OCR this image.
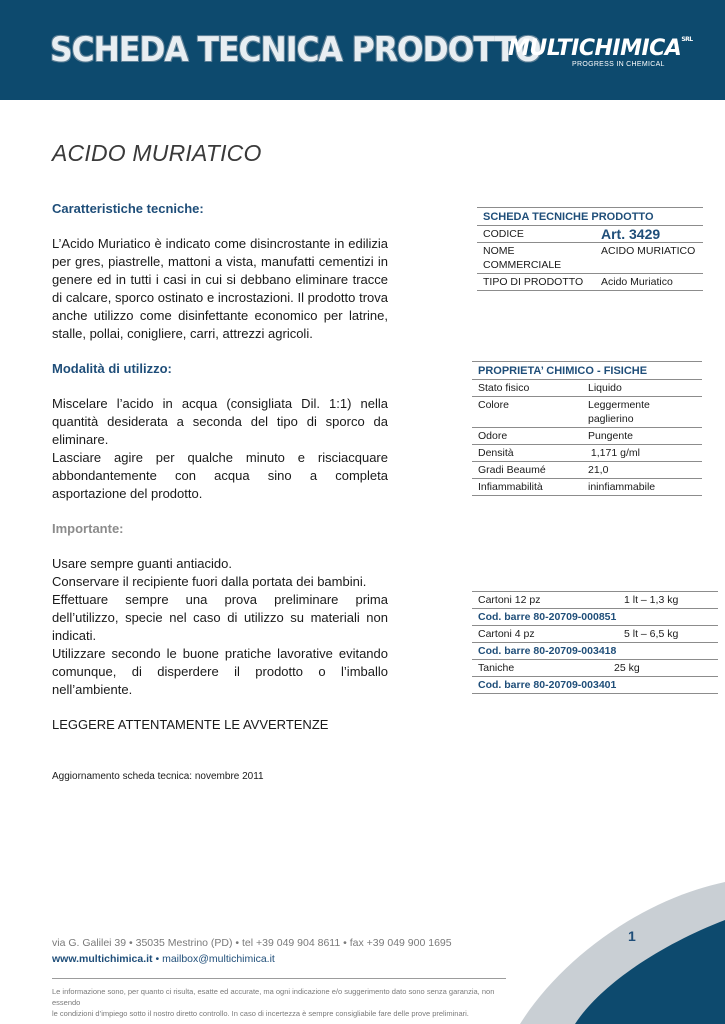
SCHEDA TECNICA PRODOTTO
$MULTICHIMICA^{SRL}$
PROGRESS IN CHEMICAL
ACIDO MURIATICO
Caratteristiche tecniche:
L’Acido Muriatico è indicato come disincrostante in edilizia per gres, piastrelle, mattoni a vista, manufatti cementizi in genere ed in tutti i casi in cui si debbano eliminare tracce di calcare, sporco ostinato e incrostazioni. Il prodotto trova anche utilizzo come disinfettante economico per latrine, stalle, pollai, conigliere, carri, attrezzi agricoli.
Modalità di utilizzo:
Miscelare l’acido in acqua (consigliata Dil. 1:1) nella quantità desiderata a seconda del tipo di sporco da eliminare.
Lasciare agire per qualche minuto e risciacquare abbondantemente con acqua sino a completa asportazione del prodotto.
Importante:
Usare sempre guanti antiacido.
Conservare il recipiente fuori dalla portata dei bambini.
Effettuare sempre una prova preliminare prima dell’utilizzo, specie nel caso di utilizzo su materiali non indicati.
Utilizzare secondo le buone pratiche lavorative evitando comunque, di disperdere il prodotto o l’imballo nell’ambiente.
LEGGERE ATTENTAMENTE LE AVVERTENZE
Aggiornamento scheda tecnica: novembre 2011
SCHEDA TECNICHE PRODOTTO	
CODICE	Art. 3429

NOME
COMMERCIALE	ACIDO MURIATICO
TIPO DI PRODOTTO	Acido Muriatico
PROPRIETA’ CHIMICO - FISICHE	
Stato fisico	Liquido
Colore	Leggermente paglierino
Odore	Pungente
Densità	1,171 g/ml
Gradi Beaumé	21,0
Infiammabilità	ininfiammabile
Cartoni 12 pz	1 lt – 1,3 kg
Cod. barre 80-20709-000851	
Cartoni 4 pz	5 lt – 6,5 kg
Cod. barre 80-20709-003418	
Taniche	25 kg
Cod. barre 80-20709-003401	
1
via G. Galilei 39 • 35035 Mestrino (PD) • tel +39 049 904 8611 • fax +39 049 900 1695
www.multichimica.it • mailbox@multichimica.it
Le informazione sono, per quanto ci risulta, esatte ed accurate, ma ogni indicazione e/o suggerimento dato sono senza garanzia, non essendo
le condizioni d’impiego sotto il nostro diretto controllo. In caso di incertezza è sempre consigliabile fare delle prove preliminari.
